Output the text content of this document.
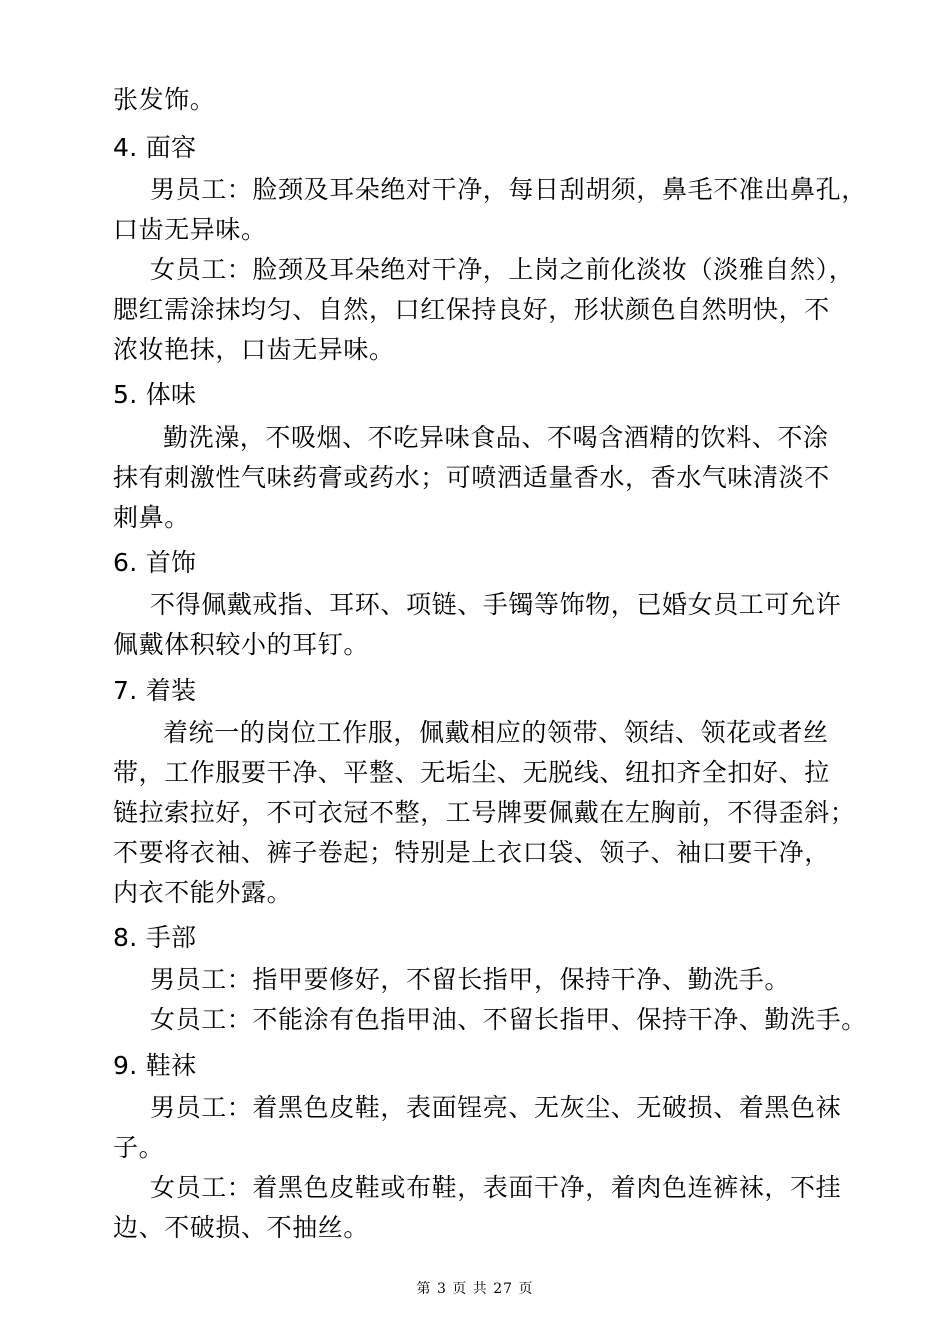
张发饰。
4. 面容
男员工：脸颈及耳朵绝对干净，每日刮胡须，鼻毛不准出鼻孔，
口齿无异味。
女员工：脸颈及耳朵绝对干净，上岗之前化淡妆（淡雅自然），
腮红需涂抹均匀、自然，口红保持良好，形状颜色自然明快，不
浓妆艳抹，口齿无异味。
5. 体味
勤洗澡，不吸烟、不吃异味食品、不喝含酒精的饮料、不涂
抹有刺激性气味药膏或药水；可喷洒适量香水，香水气味清淡不
刺鼻。
6. 首饰
不得佩戴戒指、耳环、项链、手镯等饰物，已婚女员工可允许
佩戴体积较小的耳钉。
7. 着装
着统一的岗位工作服，佩戴相应的领带、领结、领花或者丝
带，工作服要干净、平整、无垢尘、无脱线、纽扣齐全扣好、拉
链拉索拉好，不可衣冠不整，工号牌要佩戴在左胸前，不得歪斜；
不要将衣袖、裤子卷起；特别是上衣口袋、领子、袖口要干净，
内衣不能外露。
8. 手部
男员工：指甲要修好，不留长指甲，保持干净、勤洗手。
女员工：不能涂有色指甲油、不留长指甲、保持干净、勤洗手。
9. 鞋袜
男员工：着黑色皮鞋，表面锃亮、无灰尘、无破损、着黑色袜
子。
女员工：着黑色皮鞋或布鞋，表面干净，着肉色连裤袜，不挂
边、不破损、不抽丝。
第 3 页 共 27 页
